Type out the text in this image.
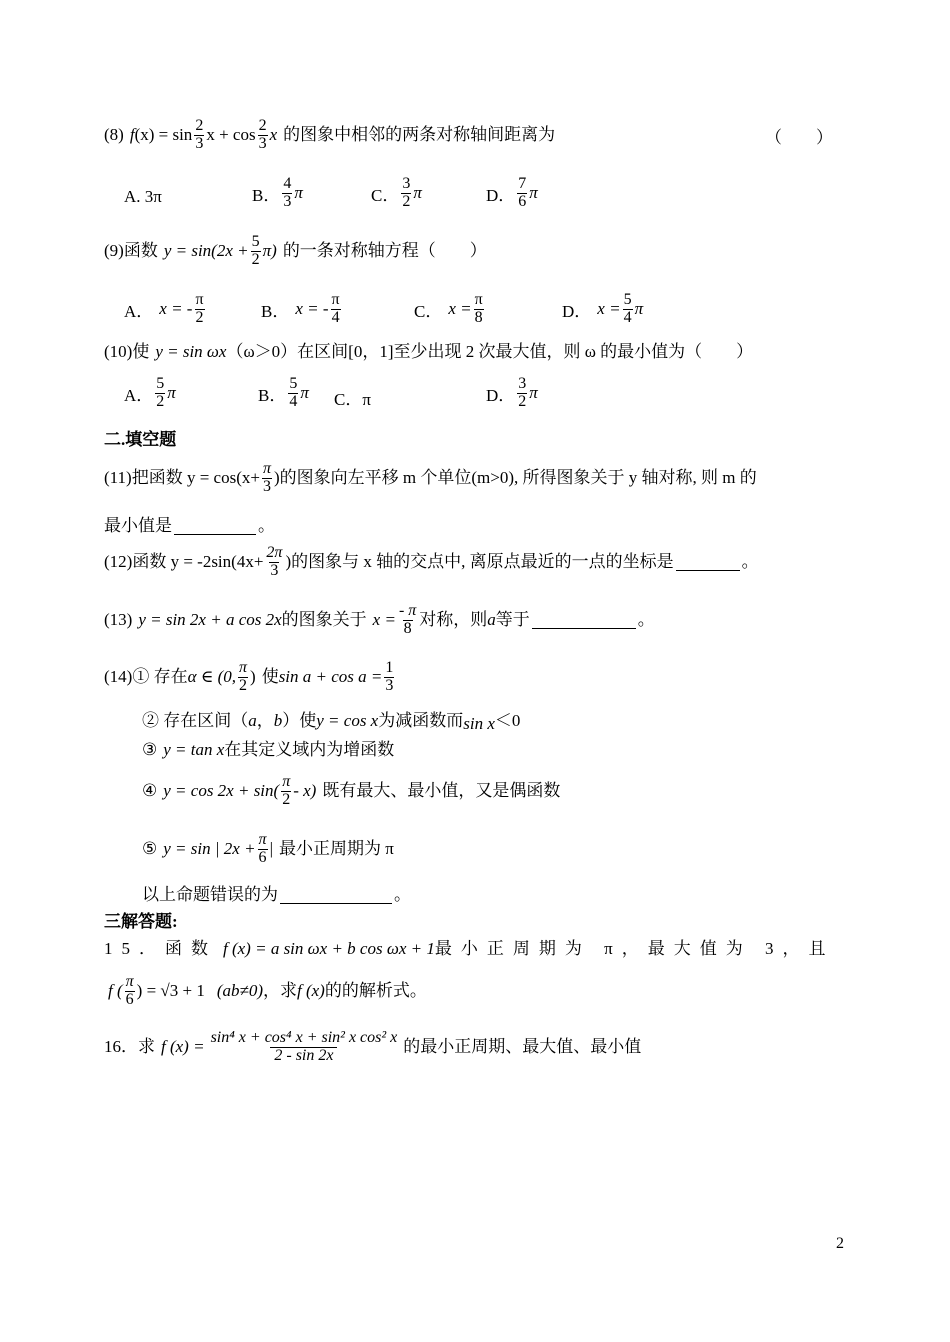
(8) f $(x) = \sin \frac{2}{3}$ $x + \cos \frac{2}{3}$ x 的图象中相邻的两条对称轴间距离为	（　　）
A. 3π	B． $\frac{4}{3}$ π	C． $\frac{3}{2}$ π	D． $\frac{7}{6}$ π
(9)函数 $y = \sin(2x + \frac{5}{2} \pi)$ 的一条对称轴方程（　　）
A． x = - $\frac{\pi}{2}$	B． x = - $\frac{\pi}{4}$	C． $x = \frac{\pi}{8}$	D． $x = \frac{5}{4}$ π
(10)使 y = sin ωx （ω＞0）在区间[0，1]至少出现 2 次最大值，则 ω 的最小值为（　　）
A． $\frac{5}{2}$ π	B． $\frac{5}{4}$ π C．π	D． $\frac{3}{2}$ π
二.填空题
(11)把函数 $y = \cos(x+ \frac{\pi}{3}$ )的图象向左平移 m 个单位(m>0), 所得图象关于 y 轴对称, 则 m 的
最小值是	。
(12)函数 $y = -2\sin(4x+ \frac{2\pi}{3}$ )的图象与 x 轴的交点中, 离原点最近的一点的坐标是	。
(13) y = sin 2x + a cos 2x 的图象关于 $x = \frac{- \pi}{8}$ 对称，则 a 等于	。
(14)① 存在 α ∈ (0, $\frac{\pi}{2}$ ) 使 $\sin a + \cos a = \frac{1}{3}$
② 存在区间（ a ， b ）使 y = cos x 为减函数而 sin x ＜0
③ y = tan x 在其定义域内为增函数
④ $y = \cos 2x + \sin( \frac{\pi}{2} - x)$ 既有最大、最小值，又是偶函数
⑤ y = sin | $2x + \frac{\pi}{6}$ | 最小正周期为 π
以上命题错误的为	。
三解答题:
15．函数 f (x) = a sin ωx + b cos ωx + 1 最小正周期为 π，最大值为 3，且
f ( $\frac{\pi}{6}$ ) = √3 + 1 (ab≠0) ，求 f (x) 的的解析式。
16．求 f $(x) = \frac{\text{sin⁴ x + cos⁴ x + sin² x cos² x}}{2 - \sin 2x}$ 的最小正周期、最大值、最小值
2
